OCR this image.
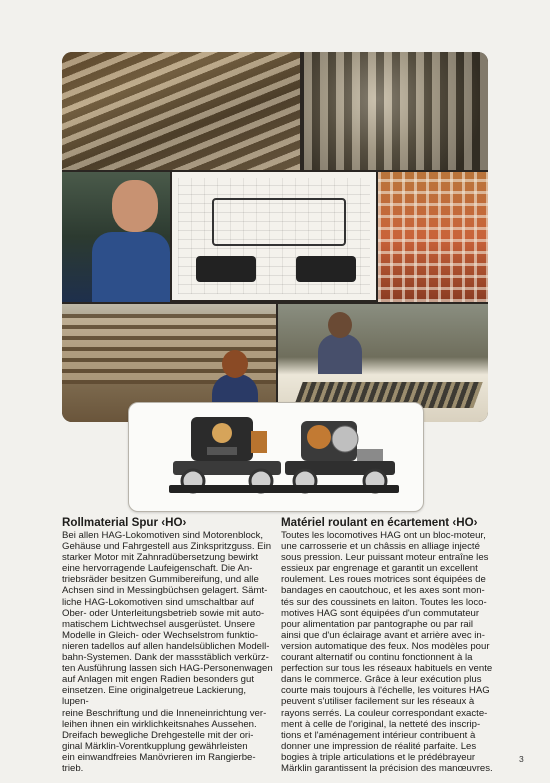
Rollmaterial Spur ‹HO›

Bei allen HAG-Lokomotiven sind Motorenblock,
Gehäuse und Fahrgestell aus Zinkspritzguss. Ein
starker Motor mit Zahnradübersetzung bewirkt
eine hervorragende Laufeigenschaft. Die An-
triebsräder besitzen Gummibereifung, und alle
Achsen sind in Messingbüchsen gelagert. Sämt-
liche HAG-Lokomotiven sind umschaltbar auf
Ober- oder Unterleitungsbetrieb sowie mit auto-
matischem Lichtwechsel ausgerüstet. Unsere
Modelle in Gleich- oder Wechselstrom funktio-
nieren tadellos auf allen handelsüblichen Modell-
bahn-Systemen. Dank der massstäblich verkürz-
ten Ausführung lassen sich HAG-Personenwagen
auf Anlagen mit engen Radien besonders gut
einsetzen. Eine originalgetreue Lackierung, lupen-
reine Beschriftung und die Inneneinrichtung ver-
leihen ihnen ein wirklichkeitsnahes Aussehen.
Dreifach bewegliche Drehgestelle mit der ori-
ginal Märklin-Vorentkupplung gewährleisten
ein einwandfreies Manövrieren im Rangierbe-
trieb.

Matériel roulant en écartement ‹HO›

Toutes les locomotives HAG ont un bloc-moteur,
une carrosserie et un châssis en alliage injecté
sous pression. Leur puissant moteur entraîne les
essieux par engrenage et garantit un excellent
roulement. Les roues motrices sont équipées de
bandages en caoutchouc, et les axes sont mon-
tés sur des coussinets en laiton. Toutes les loco-
motives HAG sont équipées d'un commutateur
pour alimentation par pantographe ou par rail
ainsi que d'un éclairage avant et arrière avec in-
version automatique des feux. Nos modèles pour
courant alternatif ou continu fonctionnent à la
perfection sur tous les réseaux habituels en vente
dans le commerce. Grâce à leur exécution plus
courte mais toujours à l'échelle, les voitures HAG
peuvent s'utiliser facilement sur les réseaux à
rayons serrés. La couleur correspondant exacte-
ment à celle de l'original, la netteté des inscrip-
tions et l'aménagement intérieur contribuent à
donner une impression de réalité parfaite. Les
bogies à triple articulations et le prédébrayeur
Märklin garantissent la précision des manœuvres.

3
